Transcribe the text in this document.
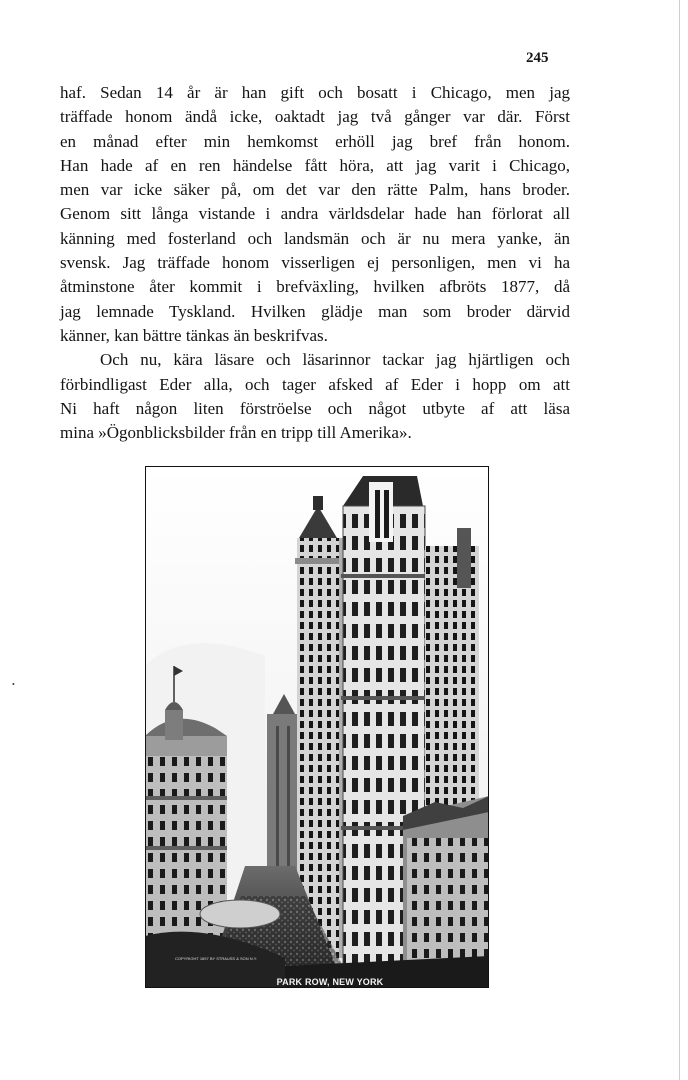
245
haf. Sedan 14 år är han gift och bosatt i Chicago, men jag
träffade honom ändå icke, oaktadt jag två gånger var där. Först
en månad efter min hemkomst erhöll jag bref från honom.
Han hade af en ren händelse fått höra, att jag varit i Chicago,
men var icke säker på, om det var den rätte Palm, hans broder.
Genom sitt långa vistande i andra världsdelar hade han förlorat all
känning med fosterland och landsmän och är nu mera yanke, än
svensk. Jag träffade honom visserligen ej personligen, men vi ha
åtminstone åter kommit i brefväxling, hvilken afbröts 1877, då
jag lemnade Tyskland. Hvilken glädje man som broder därvid
känner, kan bättre tänkas än beskrifvas.
Och nu, kära läsare och läsarinnor tackar jag hjärtligen och
förbindligast Eder alla, och tager afsked af Eder i hopp om att
Ni haft någon liten förströelse och något utbyte af att läsa
mina »Ögonblicksbilder från en tripp till Amerika».
COPYRIGHT 1897 BY STRAUSS & SON N.Y.
PARK ROW, NEW YORK
•
